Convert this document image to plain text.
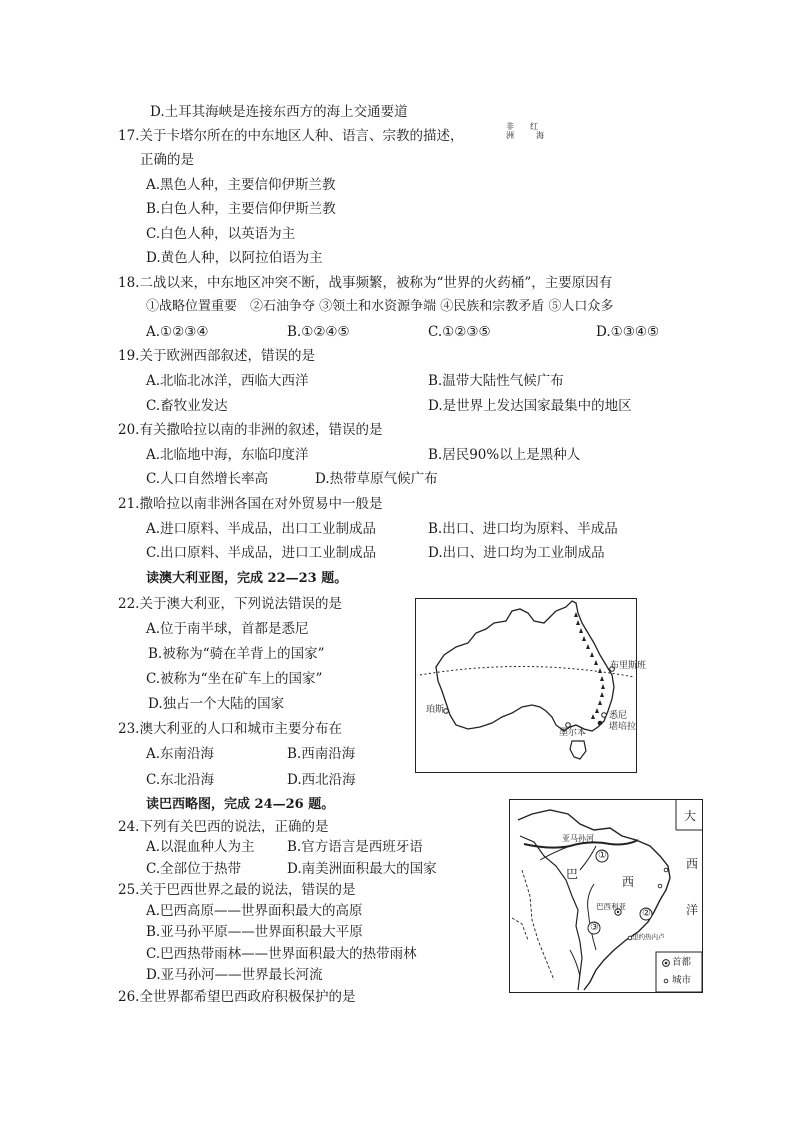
D.土耳其海峡是连接东西方的海上交通要道
17.关于卡塔尔所在的中东地区人种、语言、宗教的描述，
非
洲
红
海
正确的是
A.黑色人种，主要信仰伊斯兰教
B.白色人种，主要信仰伊斯兰教
C.白色人种，以英语为主
D.黄色人种，以阿拉伯语为主
18.二战以来，中东地区冲突不断，战事频繁，被称为“世界的火药桶”，主要原因有
①战略位置重要　②石油争夺 ③领土和水资源争端 ④民族和宗教矛盾 ⑤人口众多
A.①②③④	B.①②④⑤	C.①②③⑤	D.①③④⑤
19.关于欧洲西部叙述，错误的是
A.北临北冰洋，西临大西洋	B.温带大陆性气候广布
C.畜牧业发达	D.是世界上发达国家最集中的地区
20.有关撒哈拉以南的非洲的叙述，错误的是
A.北临地中海，东临印度洋	B.居民90%以上是黑种人
C.人口自然增长率高	D.热带草原气候广布
21.撒哈拉以南非洲各国在对外贸易中一般是
A.进口原料、半成品，出口工业制成品	B.出口、进口均为原料、半成品
C.出口原料、半成品，进口工业制成品	D.出口、进口均为工业制成品
读澳大利亚图，完成 22—23 题。
22.关于澳大利亚，下列说法错误的是
A.位于南半球，首都是悉尼
B.被称为“骑在羊背上的国家”
C.被称为“坐在矿车上的国家”
D.独占一个大陆的国家
23.澳大利亚的人口和城市主要分布在
A.东南沿海	B.西南沿海
C.东北沿海	D.西北沿海
读巴西略图，完成 24—26 题。
24.下列有关巴西的说法，正确的是
A.以混血种人为主 B.官方语言是西班牙语
C.全部位于热带	D.南美洲面积最大的国家
25.关于巴西世界之最的说法，错误的是
A.巴西高原——世界面积最大的高原
B.亚马孙平原——世界面积最大平原
C.巴西热带雨林——世界面积最大的热带雨林
D.亚马孙河——世界最长河流
26.全世界都希望巴西政府积极保护的是
珀斯
墨尔本
悉尼
堪培拉
布里斯班
大
西
洋
亚马孙河
巴
西
巴西利亚
①
②
③
里约热内卢
首都
城市
